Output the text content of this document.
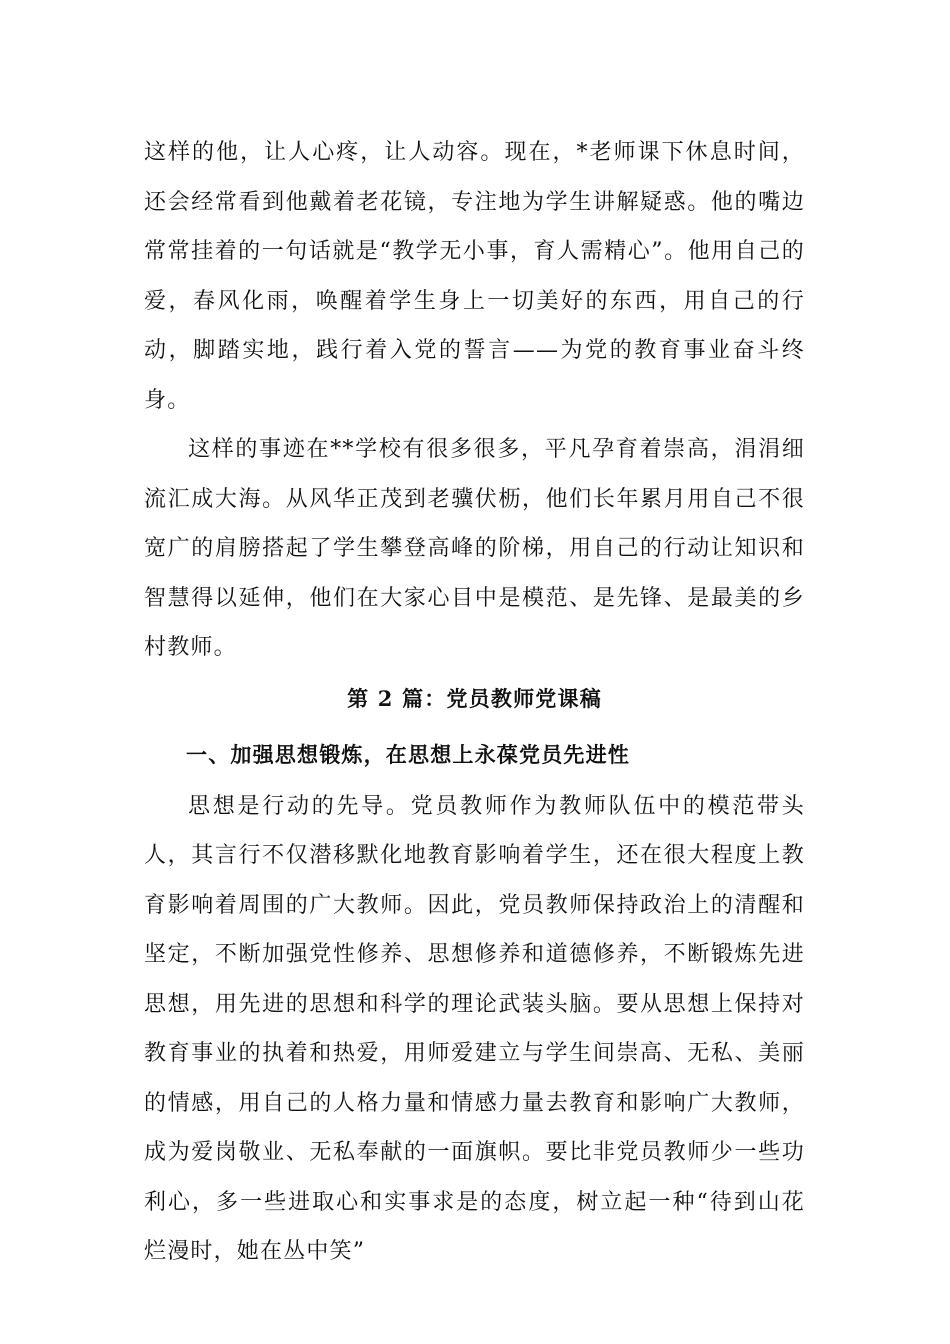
这样的他，让人心疼，让人动容。现在，*老师课下休息时间，还会经常看到他戴着老花镜，专注地为学生讲解疑惑。他的嘴边常常挂着的一句话就是“教学无小事，育人需精心”。他用自己的爱，春风化雨，唤醒着学生身上一切美好的东西，用自己的行动，脚踏实地，践行着入党的誓言——为党的教育事业奋斗终身。

这样的事迹在**学校有很多很多，平凡孕育着崇高，涓涓细流汇成大海。从风华正茂到老骥伏枥，他们长年累月用自己不很宽广的肩膀搭起了学生攀登高峰的阶梯，用自己的行动让知识和智慧得以延伸，他们在大家心目中是模范、是先锋、是最美的乡村教师。

第 2 篇：党员教师党课稿
一、加强思想锻炼，在思想上永葆党员先进性

思想是行动的先导。党员教师作为教师队伍中的模范带头人，其言行不仅潜移默化地教育影响着学生，还在很大程度上教育影响着周围的广大教师。因此，党员教师保持政治上的清醒和坚定，不断加强党性修养、思想修养和道德修养，不断锻炼先进思想，用先进的思想和科学的理论武装头脑。要从思想上保持对教育事业的执着和热爱，用师爱建立与学生间崇高、无私、美丽的情感，用自己的人格力量和情感力量去教育和影响广大教师，成为爱岗敬业、无私奉献的一面旗帜。要比非党员教师少一些功利心，多一些进取心和实事求是的态度，树立起一种“待到山花烂漫时，她在丛中笑”
